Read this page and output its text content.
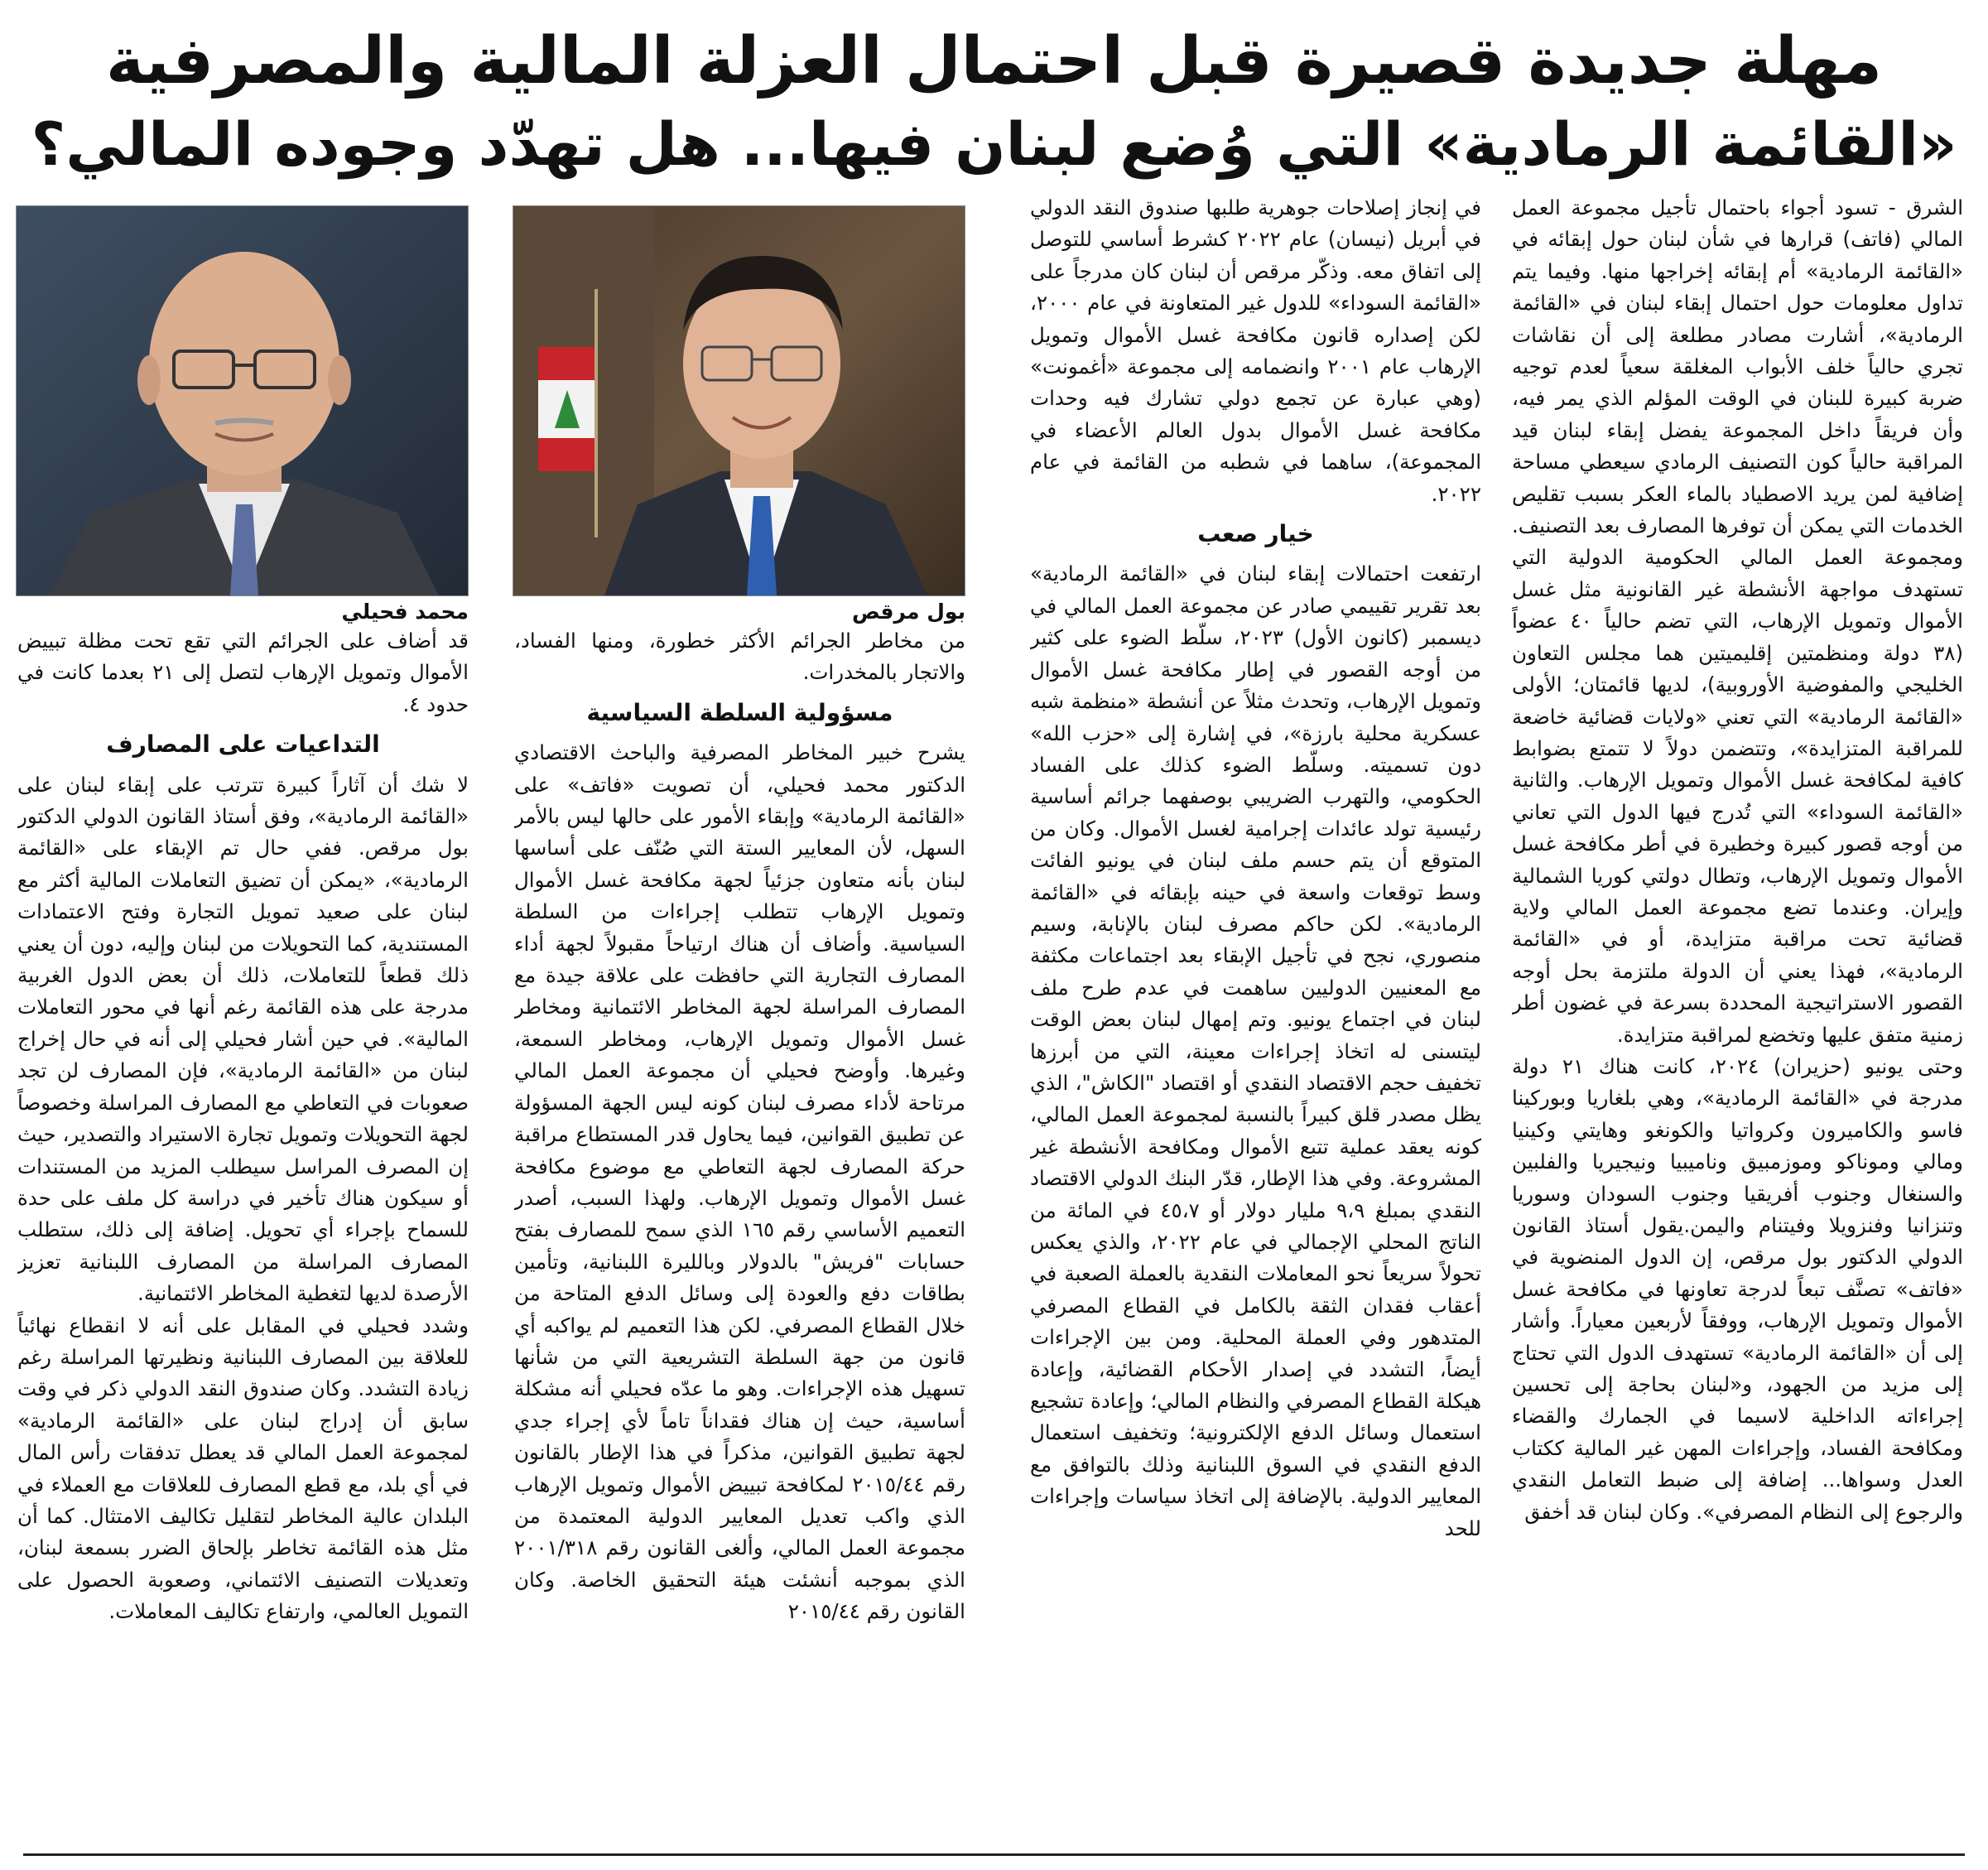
مهلة جديدة قصيرة قبل احتمال العزلة المالية والمصرفية
«القائمة الرمادية» التي وُضع لبنان فيها... هل تهدّد وجوده المالي؟

الشرق - تسود أجواء باحتمال تأجيل مجموعة العمل المالي (فاتف) قرارها في شأن لبنان حول إبقائه في «القائمة الرمادية» أم إبقائه إخراجها منها. وفيما يتم تداول معلومات حول احتمال إبقاء لبنان في «القائمة الرمادية»، أشارت مصادر مطلعة إلى أن نقاشات تجري حالياً خلف الأبواب المغلقة سعياً لعدم توجيه ضربة كبيرة للبنان في الوقت المؤلم الذي يمر فيه، وأن فريقاً داخل المجموعة يفضل إبقاء لبنان قيد المراقبة حالياً كون التصنيف الرمادي سيعطي مساحة إضافية لمن يريد الاصطياد بالماء العكر بسبب تقليص الخدمات التي يمكن أن توفرها المصارف بعد التصنيف. ومجموعة العمل المالي الحكومية الدولية التي تستهدف مواجهة الأنشطة غير القانونية مثل غسل الأموال وتمويل الإرهاب، التي تضم حالياً ٤٠ عضواً (٣٨ دولة ومنظمتين إقليميتين هما مجلس التعاون الخليجي والمفوضية الأوروبية)، لديها قائمتان؛ الأولى «القائمة الرمادية» التي تعني «ولايات قضائية خاضعة للمراقبة المتزايدة»، وتتضمن دولاً لا تتمتع بضوابط كافية لمكافحة غسل الأموال وتمويل الإرهاب. والثانية «القائمة السوداء» التي تُدرج فيها الدول التي تعاني من أوجه قصور كبيرة وخطيرة في أطر مكافحة غسل الأموال وتمويل الإرهاب، وتطال دولتي كوريا الشمالية وإيران. وعندما تضع مجموعة العمل المالي ولاية قضائية تحت مراقبة متزايدة، أو في «القائمة الرمادية»، فهذا يعني أن الدولة ملتزمة بحل أوجه القصور الاستراتيجية المحددة بسرعة في غضون أطر زمنية متفق عليها وتخضع لمراقبة متزايدة.

وحتى يونيو (حزيران) ٢٠٢٤، كانت هناك ٢١ دولة مدرجة في «القائمة الرمادية»، وهي بلغاريا وبوركينا فاسو والكاميرون وكرواتيا والكونغو وهايتي وكينيا ومالي وموناكو وموزمبيق وناميبيا ونيجيريا والفلبين والسنغال وجنوب أفريقيا وجنوب السودان وسوريا وتنزانيا وفنزويلا وفيتنام واليمن.يقول أستاذ القانون الدولي الدكتور بول مرقص، إن الدول المنضوية في «فاتف» تصنَّف تبعاً لدرجة تعاونها في مكافحة غسل الأموال وتمويل الإرهاب، ووفقاً لأربعين معياراً. وأشار إلى أن «القائمة الرمادية» تستهدف الدول التي تحتاج إلى مزيد من الجهود، و«لبنان بحاجة إلى تحسين إجراءاته الداخلية لاسيما في الجمارك والقضاء ومكافحة الفساد، وإجراءات المهن غير المالية ككتاب العدل وسواها... إضافة إلى ضبط التعامل النقدي والرجوع إلى النظام المصرفي». وكان لبنان قد أخفق

في إنجاز إصلاحات جوهرية طلبها صندوق النقد الدولي في أبريل (نيسان) عام ٢٠٢٢ كشرط أساسي للتوصل إلى اتفاق معه. وذكّر مرقص أن لبنان كان مدرجاً على «القائمة السوداء» للدول غير المتعاونة في عام ٢٠٠٠، لكن إصداره قانون مكافحة غسل الأموال وتمويل الإرهاب عام ٢٠٠١ وانضمامه إلى مجموعة «أغمونت» (وهي عبارة عن تجمع دولي تشارك فيه وحدات مكافحة غسل الأموال بدول العالم الأعضاء في المجموعة)، ساهما في شطبه من القائمة في عام ٢٠٢٢.

خيار صعب

ارتفعت احتمالات إبقاء لبنان في «القائمة الرمادية» بعد تقرير تقييمي صادر عن مجموعة العمل المالي في ديسمبر (كانون الأول) ٢٠٢٣، سلّط الضوء على كثير من أوجه القصور في إطار مكافحة غسل الأموال وتمويل الإرهاب، وتحدث مثلاً عن أنشطة «منظمة شبه عسكرية محلية بارزة»، في إشارة إلى «حزب الله» دون تسميته. وسلّط الضوء كذلك على الفساد الحكومي، والتهرب الضريبي بوصفهما جرائم أساسية رئيسية تولد عائدات إجرامية لغسل الأموال. وكان من المتوقع أن يتم حسم ملف لبنان في يونيو الفائت وسط توقعات واسعة في حينه بإبقائه في «القائمة الرمادية». لكن حاكم مصرف لبنان بالإنابة، وسيم منصوري، نجح في تأجيل الإبقاء بعد اجتماعات مكثفة مع المعنيين الدوليين ساهمت في عدم طرح ملف لبنان في اجتماع يونيو. وتم إمهال لبنان بعض الوقت ليتسنى له اتخاذ إجراءات معينة، التي من أبرزها تخفيف حجم الاقتصاد النقدي أو اقتصاد "الكاش"، الذي يظل مصدر قلق كبيراً بالنسبة لمجموعة العمل المالي، كونه يعقد عملية تتبع الأموال ومكافحة الأنشطة غير المشروعة. وفي هذا الإطار، قدّر البنك الدولي الاقتصاد النقدي بمبلغ ٩،٩ مليار دولار أو ٤٥،٧ في المائة من الناتج المحلي الإجمالي في عام ٢٠٢٢، والذي يعكس تحولاً سريعاً نحو المعاملات النقدية بالعملة الصعبة في أعقاب فقدان الثقة بالكامل في القطاع المصرفي المتدهور وفي العملة المحلية. ومن بين الإجراءات أيضاً، التشدد في إصدار الأحكام القضائية، وإعادة هيكلة القطاع المصرفي والنظام المالي؛ وإعادة تشجيع استعمال وسائل الدفع الإلكترونية؛ وتخفيف استعمال الدفع النقدي في السوق اللبنانية وذلك بالتوافق مع المعايير الدولية. بالإضافة إلى اتخاذ سياسات وإجراءات للحد

بول مرقص
محمد فحيلي

من مخاطر الجرائم الأكثر خطورة، ومنها الفساد، والاتجار بالمخدرات.

مسؤولية السلطة السياسية

يشرح خبير المخاطر المصرفية والباحث الاقتصادي الدكتور محمد فحيلي، أن تصويت «فاتف» على «القائمة الرمادية» وإبقاء الأمور على حالها ليس بالأمر السهل، لأن المعايير الستة التي صُنّف على أساسها لبنان بأنه متعاون جزئياً لجهة مكافحة غسل الأموال وتمويل الإرهاب تتطلب إجراءات من السلطة السياسية. وأضاف أن هناك ارتياحاً مقبولاً لجهة أداء المصارف التجارية التي حافظت على علاقة جيدة مع المصارف المراسلة لجهة المخاطر الائتمانية ومخاطر غسل الأموال وتمويل الإرهاب، ومخاطر السمعة، وغيرها. وأوضح فحيلي أن مجموعة العمل المالي مرتاحة لأداء مصرف لبنان كونه ليس الجهة المسؤولة عن تطبيق القوانين، فيما يحاول قدر المستطاع مراقبة حركة المصارف لجهة التعاطي مع موضوع مكافحة غسل الأموال وتمويل الإرهاب. ولهذا السبب، أصدر التعميم الأساسي رقم ١٦٥ الذي سمح للمصارف بفتح حسابات "فريش" بالدولار وبالليرة اللبنانية، وتأمين بطاقات دفع والعودة إلى وسائل الدفع المتاحة من خلال القطاع المصرفي. لكن هذا التعميم لم يواكبه أي قانون من جهة السلطة التشريعية التي من شأنها تسهيل هذه الإجراءات. وهو ما عدّه فحيلي أنه مشكلة أساسية، حيث إن هناك فقداناً تاماً لأي إجراء جدي لجهة تطبيق القوانين، مذكراً في هذا الإطار بالقانون رقم ٢٠١٥/٤٤ لمكافحة تبييض الأموال وتمويل الإرهاب الذي واكب تعديل المعايير الدولية المعتمدة من مجموعة العمل المالي، وألغى القانون رقم ٢٠٠١/٣١٨ الذي بموجبه أنشئت هيئة التحقيق الخاصة. وكان القانون رقم ٢٠١٥/٤٤

قد أضاف على الجرائم التي تقع تحت مظلة تبييض الأموال وتمويل الإرهاب لتصل إلى ٢١ بعدما كانت في حدود ٤.

التداعيات على المصارف

لا شك أن آثاراً كبيرة تترتب على إبقاء لبنان على «القائمة الرمادية»، وفق أستاذ القانون الدولي الدكتور بول مرقص. ففي حال تم الإبقاء على «القائمة الرمادية»، «يمكن أن تضيق التعاملات المالية أكثر مع لبنان على صعيد تمويل التجارة وفتح الاعتمادات المستندية، كما التحويلات من لبنان وإليه، دون أن يعني ذلك قطعاً للتعاملات، ذلك أن بعض الدول الغربية مدرجة على هذه القائمة رغم أنها في محور التعاملات المالية». في حين أشار فحيلي إلى أنه في حال إخراج لبنان من «القائمة الرمادية»، فإن المصارف لن تجد صعوبات في التعاطي مع المصارف المراسلة وخصوصاً لجهة التحويلات وتمويل تجارة الاستيراد والتصدير، حيث إن المصرف المراسل سيطلب المزيد من المستندات أو سيكون هناك تأخير في دراسة كل ملف على حدة للسماح بإجراء أي تحويل. إضافة إلى ذلك، ستطلب المصارف المراسلة من المصارف اللبنانية تعزيز الأرصدة لديها لتغطية المخاطر الائتمانية.

وشدد فحيلي في المقابل على أنه لا انقطاع نهائياً للعلاقة بين المصارف اللبنانية ونظيرتها المراسلة رغم زيادة التشدد. وكان صندوق النقد الدولي ذكر في وقت سابق أن إدراج لبنان على «القائمة الرمادية» لمجموعة العمل المالي قد يعطل تدفقات رأس المال في أي بلد، مع قطع المصارف للعلاقات مع العملاء في البلدان عالية المخاطر لتقليل تكاليف الامتثال. كما أن مثل هذه القائمة تخاطر بإلحاق الضرر بسمعة لبنان، وتعديلات التصنيف الائتماني، وصعوبة الحصول على التمويل العالمي، وارتفاع تكاليف المعاملات.
